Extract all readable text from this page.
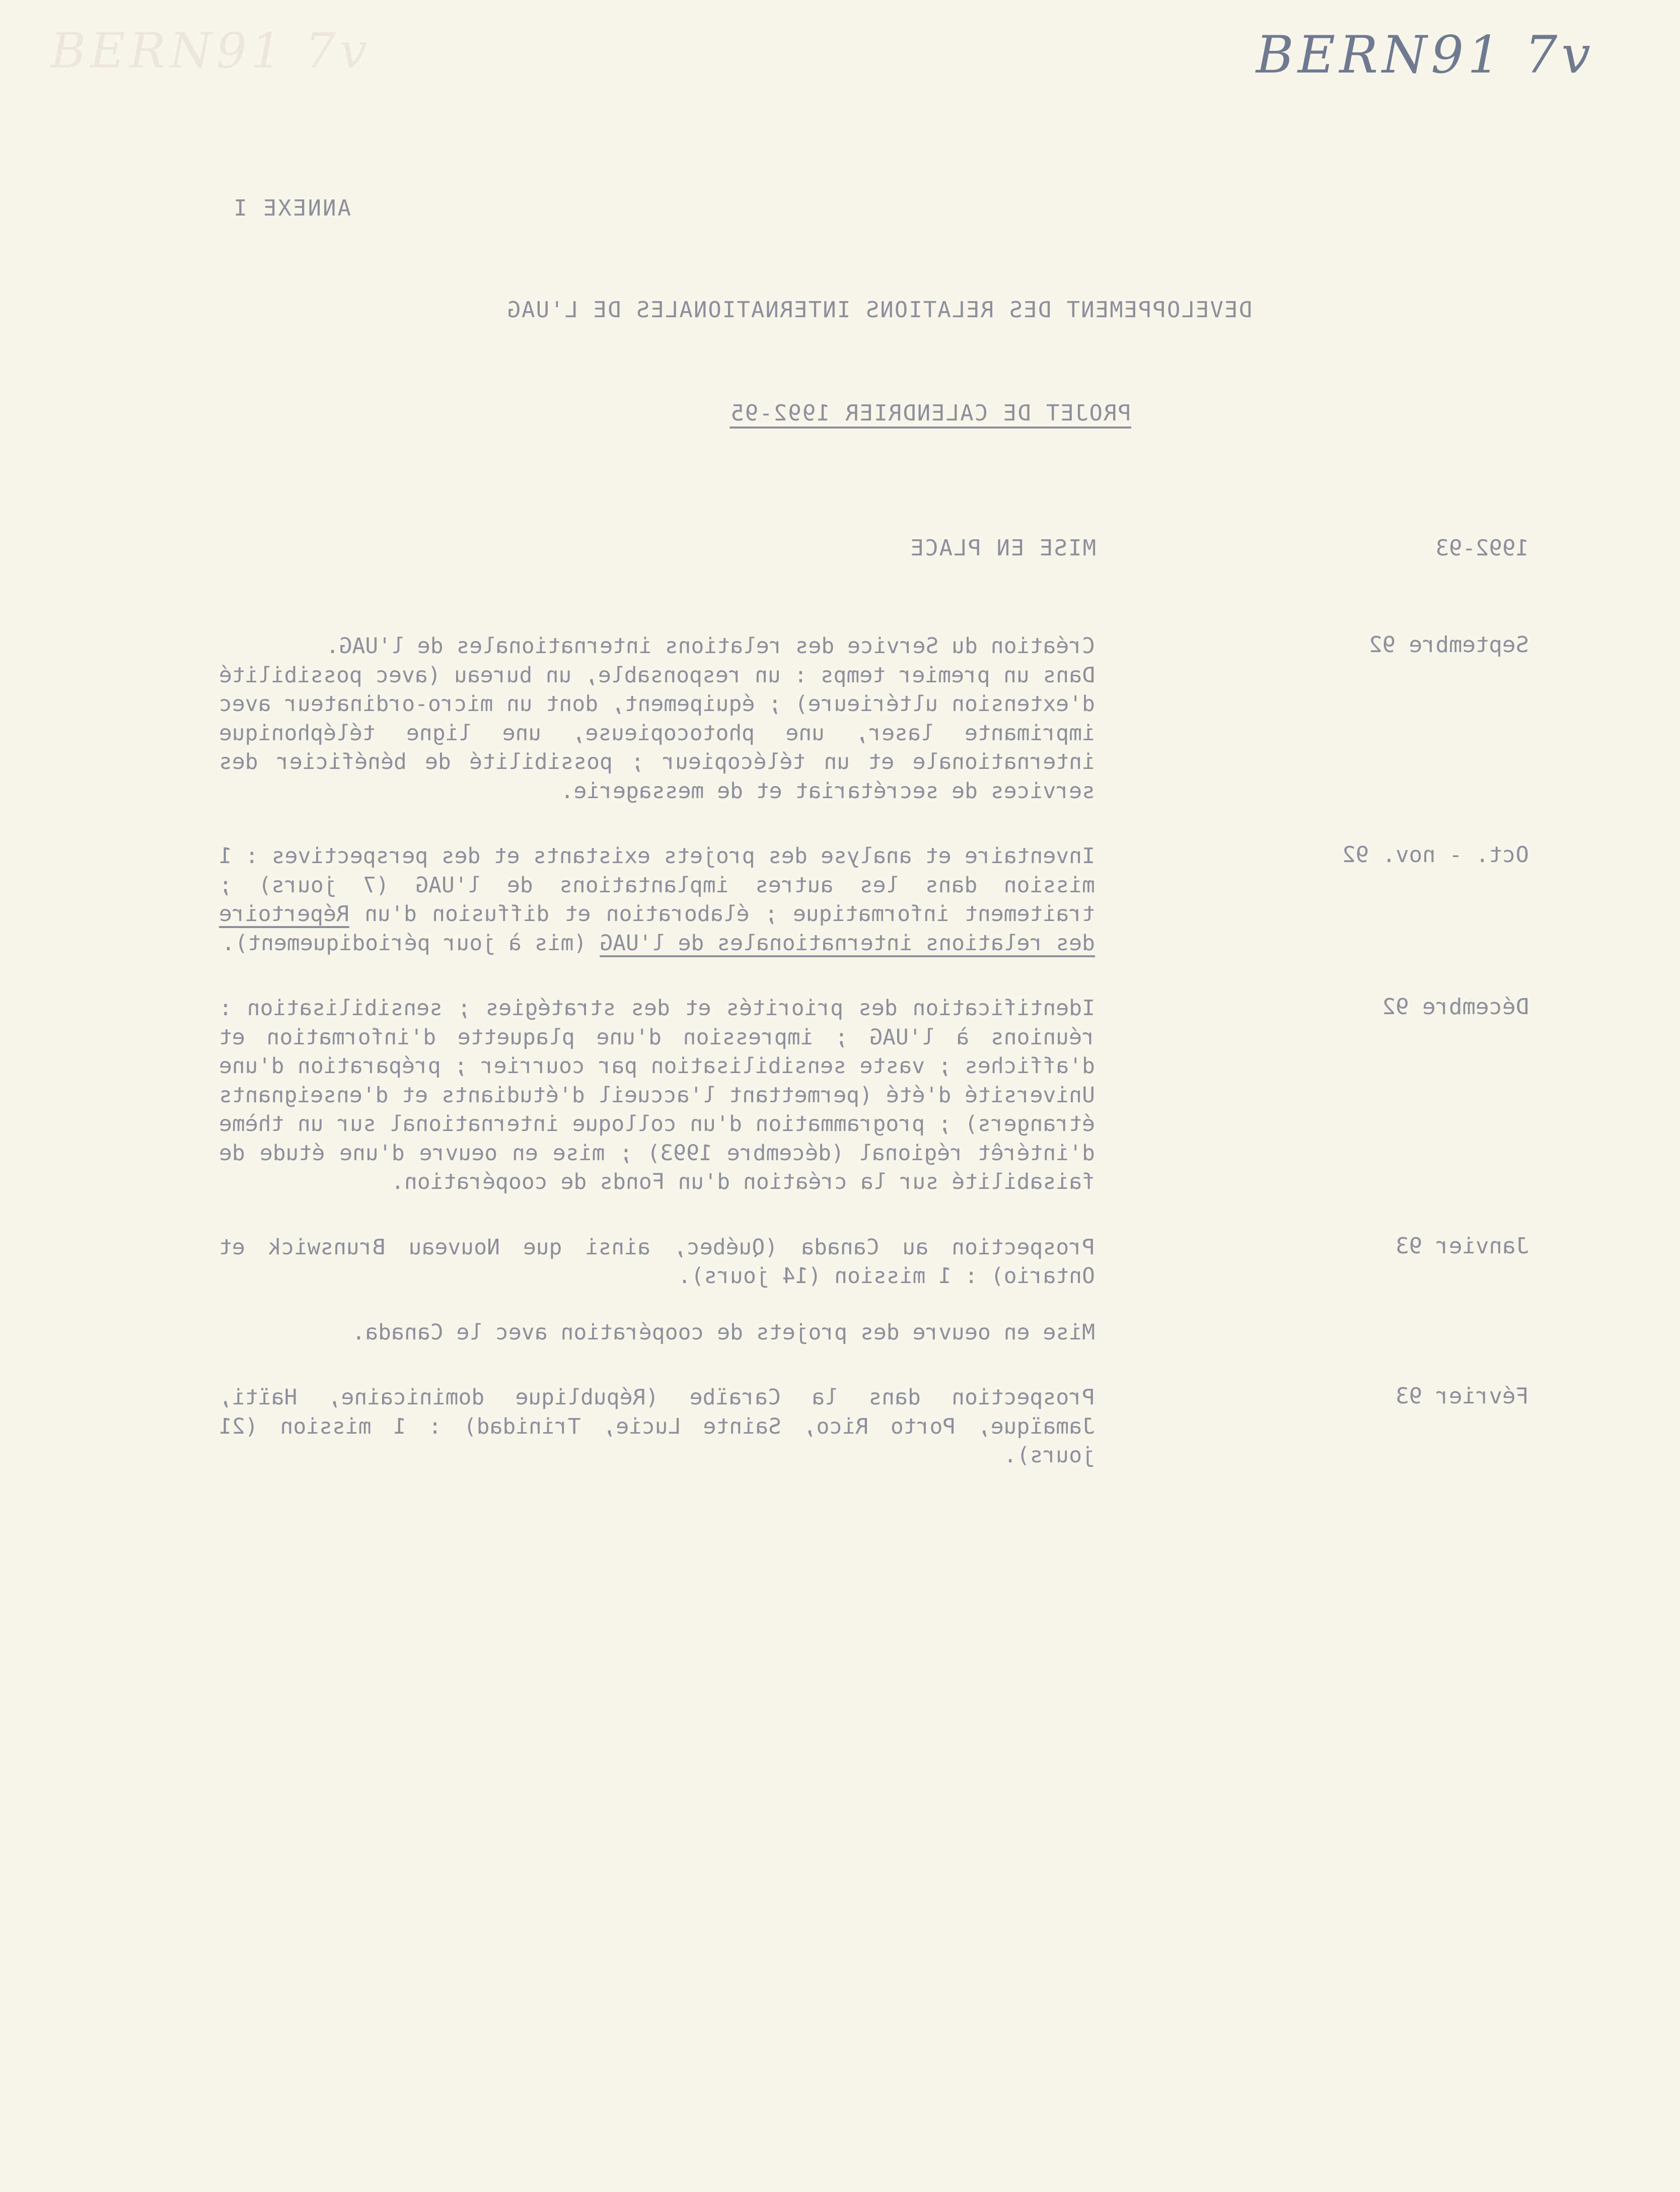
BERN91 7v
BERN91 7v
ANNEXE I
DEVELOPPEMENT DES RELATIONS INTERNATIONALES DE L'UAG
PROJET DE CALENDRIER 1992-95
1992-93
MISE EN PLACE
Septembre 92
Création du Service des relations internationales de l'UAG.
Dans un premier temps : un responsable, un bureau (avec possibilité d'extension ultérieure) ; équipement, dont un micro-ordinateur avec imprimante laser, une photocopieuse, une ligne téléphonique internationale et un télécopieur ; possibilité de bénéficier des services de secrétariat et de messagerie.
Oct. - nov. 92
Inventaire et analyse des projets existants et des perspectives : 1 mission dans les autres implantations de l'UAG (7 jours) ; traitement informatique ; élaboration et diffusion d'un Répertoire des relations internationales de l'UAG (mis à jour périodiquement).
Décembre 92
Identification des priorités et des stratégies ; sensibilisation : réunions à l'UAG ; impression d'une plaquette d'information et d'affiches ; vaste sensibilisation par courrier ; préparation d'une Université d'été (permettant l'accueil d'étudiants et d'enseignants étrangers) ; programmation d'un colloque international sur un thème d'intérêt régional (décembre 1993) ; mise en oeuvre d'une étude de faisabilité sur la création d'un Fonds de coopération.
Janvier 93
Prospection au Canada (Québec, ainsi que Nouveau Brunswick et Ontario) : 1 mission (14 jours).
Mise en oeuvre des projets de coopération avec le Canada.
Février 93
Prospection dans la Caraïbe (République dominicaine, Haïti, Jamaïque, Porto Rico, Sainte Lucie, Trinidad) : 1 mission (21 jours).
